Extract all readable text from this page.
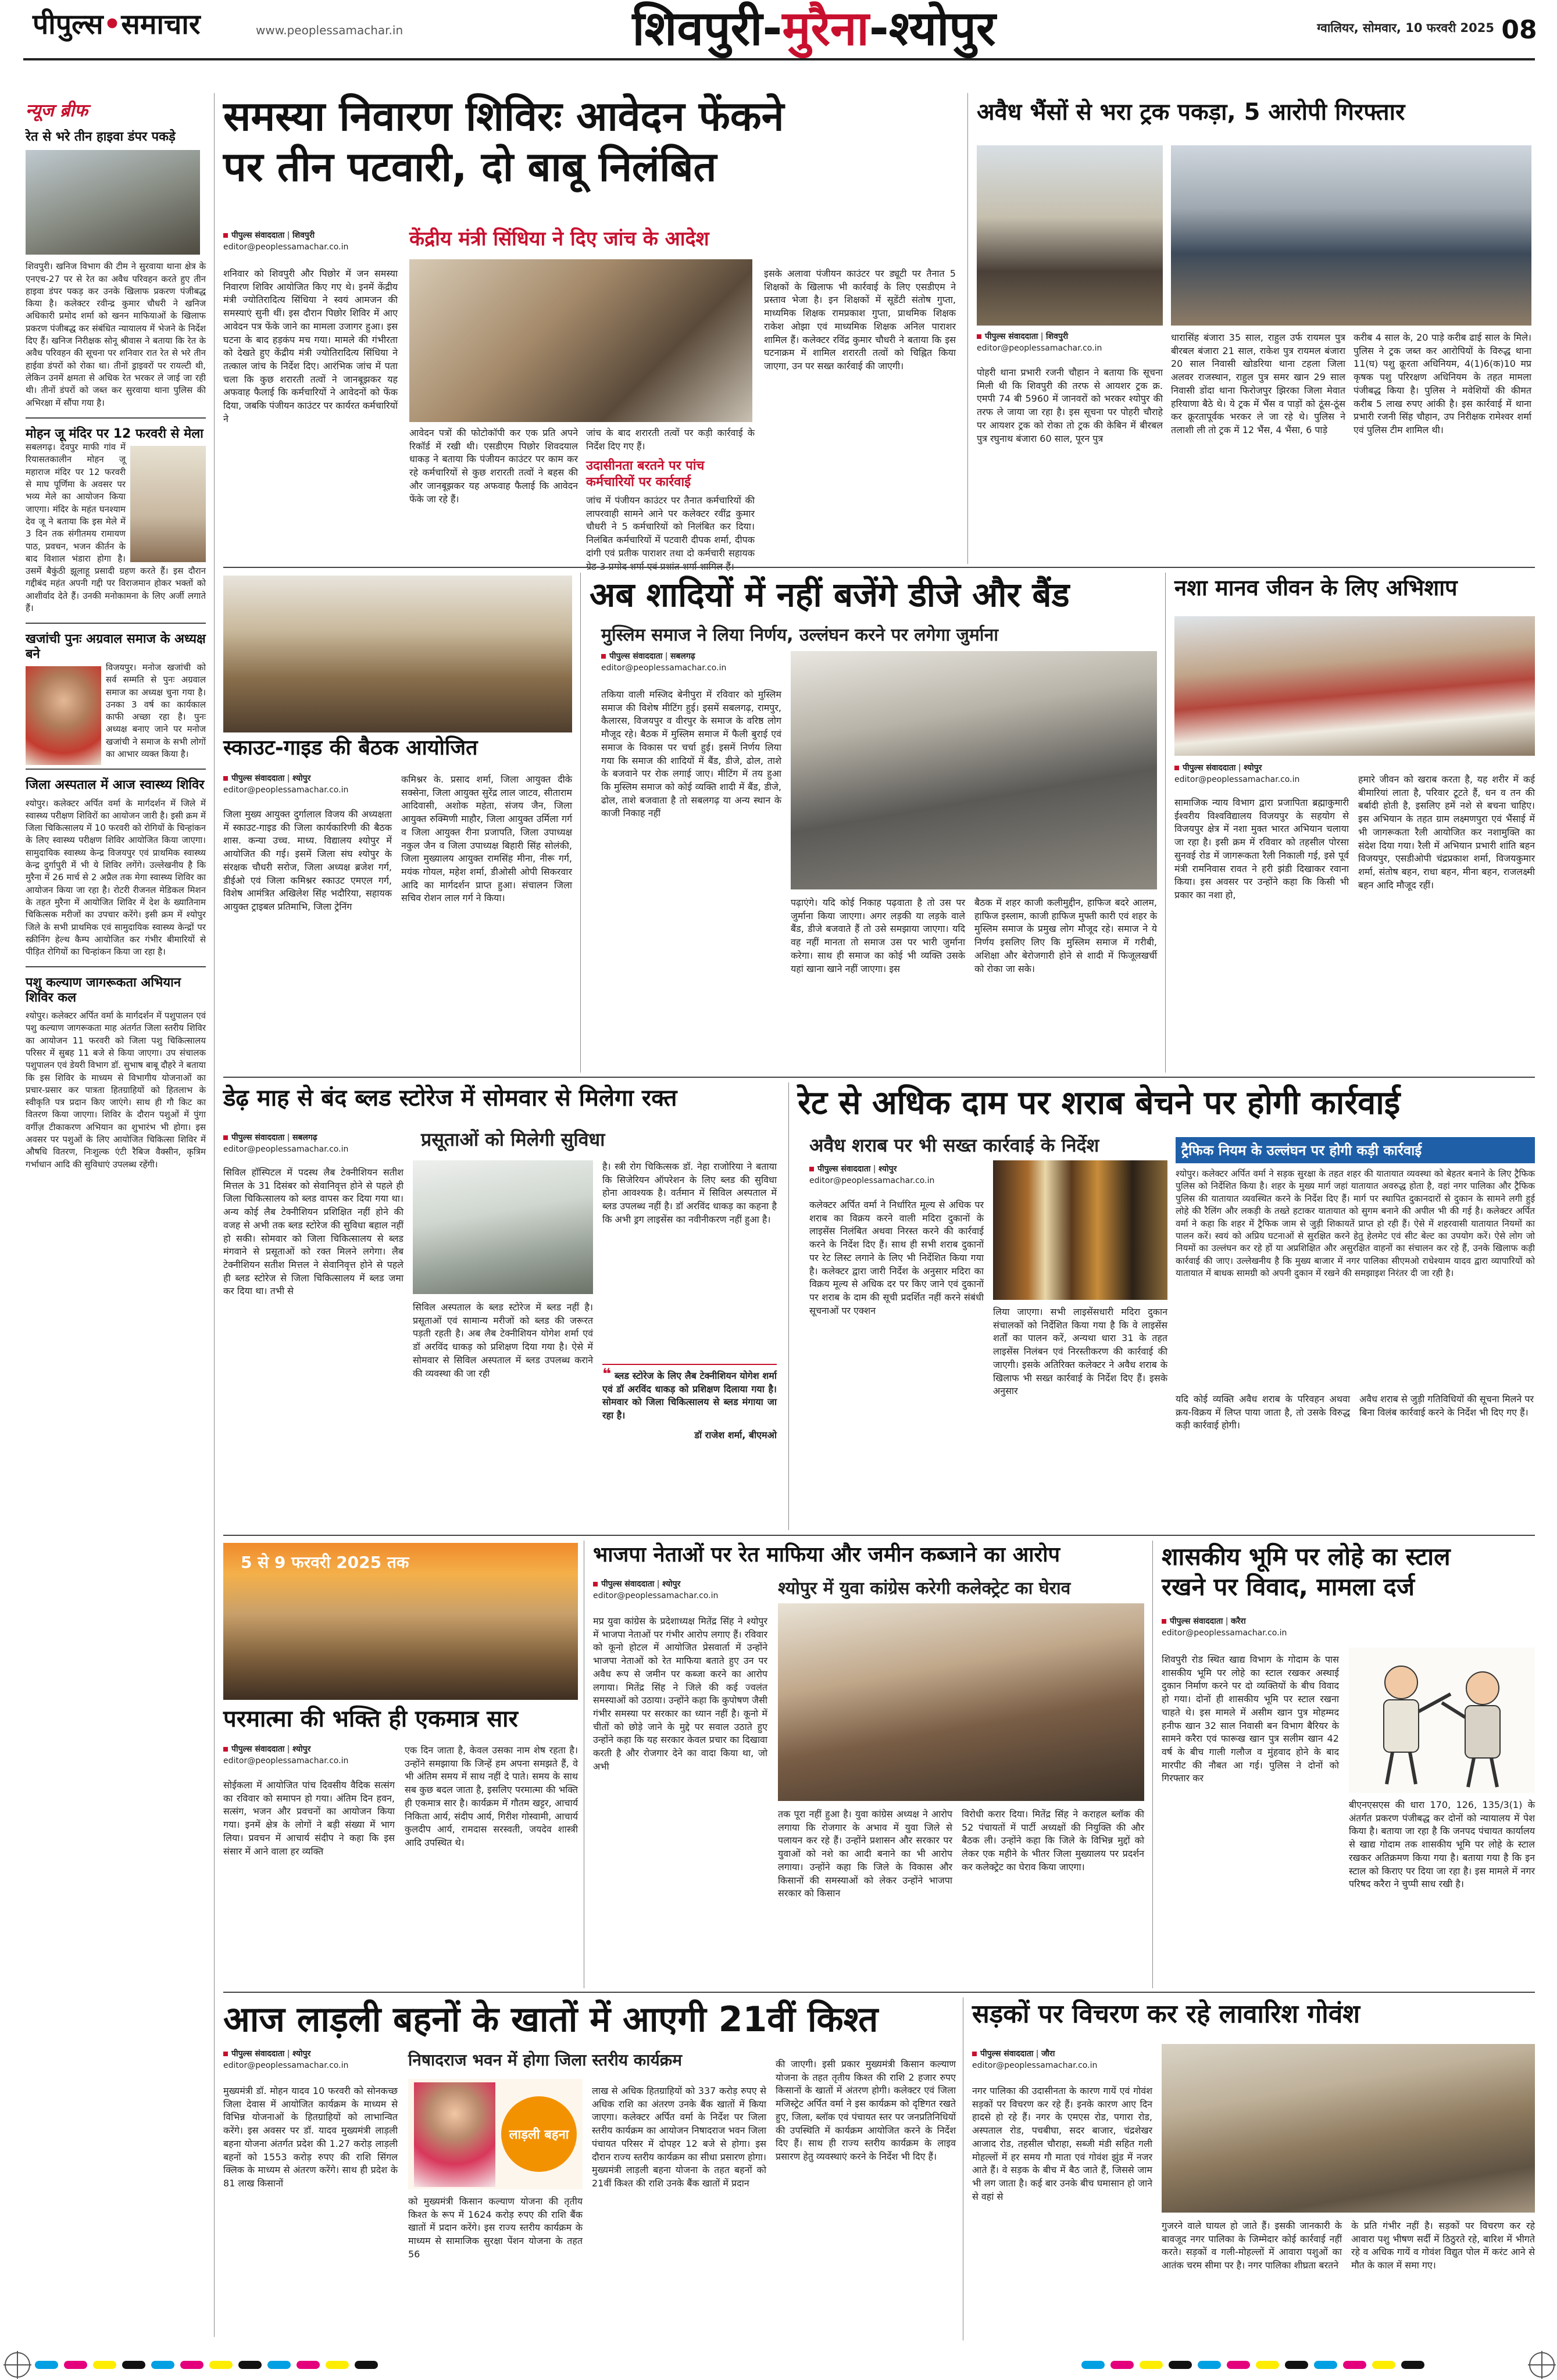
पीपुल्स•समाचार	www.peoplessamachar.in	शिवपुरी-मुरैना-श्योपुर	ग्वालियर, सोमवार, 10 फरवरी 2025 08
न्यूज ब्रीफ
रेत से भरे तीन हाइवा डंपर पकड़े
शिवपुरी। खनिज विभाग की टीम ने सुरवाया थाना क्षेत्र के एनएच-27 पर से रेत का अवैध परिवहन करते हुए तीन हाइवा डंपर पकड़ कर उनके खिलाफ प्रकरण पंजीबद्ध किया है। कलेक्टर रवीन्द्र कुमार चौधरी ने खनिज अधिकारी प्रमोद शर्मा को खनन माफियाओं के खिलाफ प्रकरण पंजीबद्ध कर संबंधित न्यायालय में भेजने के निर्देश दिए हैं। खनिज निरीक्षक सोनू श्रीवास ने बताया कि रेत के अवैध परिवहन की सूचना पर शनिवार रात रेत से भरे तीन हाईवा डंपरों को रोका था। तीनों ड्राइवरों पर रायल्टी थी, लेकिन उनमें क्षमता से अधिक रेत भरकर ले जाई जा रही थी। तीनों डंपरों को जब्त कर सुरवाया थाना पुलिस की अभिरक्षा में सौंपा गया है।
मोहन जू मंदिर पर 12 फरवरी से मेला
सबलगढ़। देवपुर माफी गांव में रियासतकालीन मोहन जू महाराज मंदिर पर 12 फरवरी से माघ पूर्णिमा के अवसर पर भव्य मेले का आयोजन किया जाएगा। मंदिर के महंत घनश्याम देव जू ने बताया कि इस मेले में 3 दिन तक संगीतमय रामायण पाठ, प्रवचन, भजन कीर्तन के बाद विशाल भंडारा होगा है। उसमें बैकुंठी झूलाहू प्रसादी ग्रहण करते हैं। इस दौरान गद्दीबंद महंत अपनी गद्दी पर विराजमान होकर भक्तों को आशीर्वाद देते हैं। उनकी मनोकामना के लिए अर्जी लगाते हैं।
खजांची पुनः अग्रवाल समाज के अध्यक्ष बने
विजयपुर। मनोज खजांची को सर्व सम्मति से पुनः अग्रवाल समाज का अध्यक्ष चुना गया है। उनका 3 वर्ष का कार्यकाल काफी अच्छा रहा है। पुनः अध्यक्ष बनाए जाने पर मनोज खजांची ने समाज के सभी लोगों का आभार व्यक्त किया है।
जिला अस्पताल में आज स्वास्थ्य शिविर
श्योपुर। कलेक्टर अर्पित वर्मा के मार्गदर्शन में जिले में स्वास्थ्य परीक्षण शिविरों का आयोजन जारी है। इसी क्रम में जिला चिकित्सालय में 10 फरवरी को रोगियों के चिन्हांकन के लिए स्वास्थ्य परीक्षण शिविर आयोजित किया जाएगा। सामुदायिक स्वास्थ्य केन्द्र विजयपुर एवं प्राथमिक स्वास्थ्य केन्द्र दुर्गापुरी में भी ये शिविर लगेंगे। उल्लेखनीय है कि मुरैना में 26 मार्च से 2 अप्रैल तक मेगा स्वास्थ्य शिविर का आयोजन किया जा रहा है। रोटरी रीजनल मेडिकल मिशन के तहत मुरैना में आयोजित शिविर में देश के ख्यातिनाम चिकित्सक मरीजों का उपचार करेंगे। इसी क्रम में श्योपुर जिले के सभी प्राथमिक एवं सामुदायिक स्वास्थ्य केन्द्रों पर स्क्रीनिंग हेल्थ कैम्प आयोजित कर गंभीर बीमारियों से पीड़ित रोगियों का चिन्हांकन किया जा रहा है।
पशु कल्याण जागरूकता अभियान शिविर कल
श्योपुर। कलेक्टर अर्पित वर्मा के मार्गदर्शन में पशुपालन एवं पशु कल्याण जागरूकता माह अंतर्गत जिला स्तरीय शिविर का आयोजन 11 फरवरी को जिला पशु चिकित्सालय परिसर में सुबह 11 बजे से किया जाएगा। उप संचालक पशुपालन एवं डेयरी विभाग डॉ. सुभाष बाबू दौहरे ने बताया कि इस शिविर के माध्यम से विभागीय योजनाओं का प्रचार-प्रसार कर पात्रता हितग्राहियों को हितलाभ के स्वीकृति पत्र प्रदान किए जाएंगे। साथ ही गौ किट का वितरण किया जाएगा। शिविर के दौरान पशुओं में पुंगा वर्गीज़ टीकाकरण अभियान का शुभारंभ भी होगा। इस अवसर पर पशुओं के लिए आयोजित चिकित्सा शिविर में औषधि वितरण, निःशुल्क एंटी रैबिज वैक्सीन, कृत्रिम गर्भाधान आदि की सुविधाएं उपलब्ध रहेंगी।
समस्या निवारण शिविरः आवेदन फेंकने
पर तीन पटवारी, दो बाबू निलंबित
केंद्रीय मंत्री सिंधिया ने दिए जांच के आदेश
पीपुल्स संवाददाता | शिवपुरी
editor@peoplessamachar.co.in
शनिवार को शिवपुरी और पिछोर में जन समस्या निवारण शिविर आयोजित किए गए थे। इनमें केंद्रीय मंत्री ज्योतिरादित्य सिंधिया ने स्वयं आमजन की समस्याएं सुनी थीं। इस दौरान पिछोर शिविर में आए आवेदन पत्र फेंके जाने का मामला उजागर हुआ। इस घटना के बाद हड़कंप मच गया। मामले की गंभीरता को देखते हुए केंद्रीय मंत्री ज्योतिरादित्य सिंधिया ने तत्काल जांच के निर्देश दिए। आरंभिक जांच में पता चला कि कुछ शरारती तत्वों ने जानबूझकर यह अफवाह फैलाई कि कर्मचारियों ने आवेदनों को फेंक दिया, जबकि पंजीयन काउंटर पर कार्यरत कर्मचारियों ने
आवेदन पत्रों की फोटोकॉपी कर एक प्रति अपने रिकॉर्ड में रखी थी। एसडीएम पिछोर शिवदयाल धाकड़ ने बताया कि पंजीयन काउंटर पर काम कर रहे कर्मचारियों से कुछ शरारती तत्वों ने बहस की और जानबूझकर यह अफवाह फैलाई कि आवेदन फेंके जा रहे हैं।
जांच के बाद शरारती तत्वों पर कड़ी कार्रवाई के निर्देश दिए गए हैं।
उदासीनता बरतने पर पांच कर्मचारियों पर कार्रवाई
जांच में पंजीयन काउंटर पर तैनात कर्मचारियों की लापरवाही सामने आने पर कलेक्टर रवींद्र कुमार चौधरी ने 5 कर्मचारियों को निलंबित कर दिया। निलंबित कर्मचारियों में पटवारी दीपक शर्मा, दीपक दांगी एवं प्रतीक पाराशर तथा दो कर्मचारी सहायक
इसके अलावा पंजीयन काउंटर पर ड्यूटी पर तैनात 5 शिक्षकों के खिलाफ भी कार्रवाई के लिए एसडीएम ने प्रस्ताव भेजा है। इन शिक्षकों में सूडेंटी संतोष गुप्ता, माध्यमिक शिक्षक रामप्रकाश गुप्ता, प्राथमिक शिक्षक राकेश ओझा एवं माध्यमिक शिक्षक अनिल पाराशर शामिल हैं। कलेक्टर रविंद्र कुमार चौधरी ने बताया कि इस घटनाक्रम में शामिल शरारती तत्वों को चिह्नित किया जाएगा, उन पर सख्त कार्रवाई की जाएगी।
अवैध भैंसों से भरा ट्रक पकड़ा, 5 आरोपी गिरफ्तार
पीपुल्स संवाददाता | शिवपुरी
editor@peoplessamachar.co.in
पोहरी थाना प्रभारी रजनी चौहान ने बताया कि सूचना मिली थी कि शिवपुरी की तरफ से आयशर ट्रक क्र. एमपी 74 बी 5960 में जानवरों को भरकर श्योपुर की तरफ ले जाया जा रहा है। इस सूचना पर पोहरी चौराहे पर आयशर ट्रक को रोका तो ट्रक की केबिन में बीरबल पुत्र रघुनाथ बंजारा 60 साल, पूरन पुत्र
धारासिंह बंजारा 35 साल, राहुल उर्फ रायमल पुत्र बीरबल बंजारा 21 साल, राकेश पुत्र रायमल बंजारा 20 साल निवासी खोडरिया थाना टहला जिला अलवर राजस्थान, राहुल पुत्र समर खान 29 साल निवासी डोंदा थाना फिरोजपुर झिरका जिला मेवात हरियाणा बैठे थे। ये ट्रक में भैंस व पाड़ों को ठूंस-ठूंस कर क्रूरतापूर्वक भरकर ले जा रहे थे। पुलिस ने तलाशी ली तो ट्रक में 12 भैंस, 4 भैंसा, 6 पाड़े
करीब 4 साल के, 20 पाड़े करीब ढाई साल के मिले। पुलिस ने ट्रक जब्त कर आरोपियों के विरुद्ध थाना 11(घ) पशु क्रूरता अधिनियम, 4(1)6(क)10 मप्र कृषक पशु परिरक्षण अधिनियम के तहत मामला पंजीबद्ध किया है। पुलिस ने मवेशियों की कीमत करीब 5 लाख रुपए आंकी है। इस कार्रवाई में थाना प्रभारी रजनी सिंह चौहान, उप निरीक्षक रामेश्वर शर्मा एवं पुलिस टीम शामिल थी।
स्काउट-गाइड की बैठक आयोजित
पीपुल्स संवाददाता | श्योपुर
editor@peoplessamachar.co.in
जिला मुख्य आयुक्त दुर्गालाल विजय की अध्यक्षता में स्काउट-गाइड की जिला कार्यकारिणी की बैठक शास. कन्या उच्च. माध्य. विद्यालय श्योपुर में आयोजित की गई। इसमें जिला संघ श्योपुर के संरक्षक चौधरी सरोज, जिला अध्यक्ष ब्रजेश गर्ग, डीईओ एवं जिला कमिश्नर स्काउट एमएल गर्ग, विशेष आमंत्रित अखिलेश सिंह भदौरिया, सहायक आयुक्त ट्राइबल प्रतिमाभि, जिला ट्रेनिंग
कमिश्नर के. प्रसाद शर्मा, जिला आयुक्त दीके सक्सेना, जिला आयुक्त सुरेंद्र लाल जाटव, सीताराम आदिवासी, अशोक महेता, संजय जैन, जिला आयुक्त रुक्मिणी माहौर, जिला आयुक्त उर्मिला गर्ग व जिला आयुक्त रीना प्रजापति, जिला उपाध्यक्ष नकुल जैन व जिला उपाध्यक्ष बिहारी सिंह सोलंकी, जिला मुख्यालय आयुक्त रामसिंह मीना, नीरू गर्ग, मयंक गोयल, महेश शर्मा, डीओसी ओपी सिकरवार आदि का मार्गदर्शन प्राप्त हुआ। संचालन जिला सचिव रोशन लाल गर्ग ने किया।
अब शादियों में नहीं बजेंगे डीजे और बैंड
मुस्लिम समाज ने लिया निर्णय, उल्लंघन करने पर लगेगा जुर्माना
पीपुल्स संवाददाता | सबलगढ़
editor@peoplessamachar.co.in
तकिया वाली मस्जिद बेनीपुरा में रविवार को मुस्लिम समाज की विशेष मीटिंग हुई। इसमें सबलगढ़, रामपुर, कैलारस, विजयपुर व वीरपुर के समाज के वरिष्ठ लोग मौजूद रहे। बैठक में मुस्लिम समाज में फैली बुराई एवं समाज के विकास पर चर्चा हुई। इसमें निर्णय लिया गया कि समाज की शादियों में बैंड, डीजे, ढोल, ताशे के बजवाने पर रोक लगाई जाए। मीटिंग में तय हुआ कि मुस्लिम समाज को कोई व्यक्ति शादी में बैंड, डीजे, ढोल, ताशे बजवाता है तो सबलगढ़ या अन्य स्थान के काजी निकाह नहीं
पढ़ाएंगे। यदि कोई निकाह पढ़वाता है तो उस पर जुर्माना किया जाएगा। अगर लड़की या लड़के वाले बैंड, डीजे बजवाते हैं तो उसे समझाया जाएगा। यदि वह नहीं मानता तो समाज उस पर भारी जुर्माना करेगा। साथ ही समाज का कोई भी व्यक्ति उसके यहां खाना खाने नहीं जाएगा। इस
बैठक में शहर काजी कलीमुद्दीन, हाफिज बदरे आलम, हाफिज इस्लाम, काजी हाफिज मुफ्ती कारी एवं शहर के मुस्लिम समाज के प्रमुख लोग मौजूद रहे। समाज ने ये निर्णय इसलिए लिए कि मुस्लिम समाज में गरीबी, अशिक्षा और बेरोजगारी होने से शादी में फिजूलखर्ची को रोका जा सके।
नशा मानव जीवन के लिए अभिशाप
पीपुल्स संवाददाता | श्योपुर
editor@peoplessamachar.co.in
सामाजिक न्याय विभाग द्वारा प्रजापिता ब्रह्माकुमारी ईश्वरीय विश्वविद्यालय विजयपुर के सहयोग से विजयपुर क्षेत्र में नशा मुक्त भारत अभियान चलाया जा रहा है। इसी क्रम में रविवार को तहसील पोरसा सुनवई रोड में जागरूकता रैली निकाली गई, इसे पूर्व मंत्री रामनिवास रावत ने हरी झंडी दिखाकर रवाना किया। इस अवसर पर उन्होंने कहा कि किसी भी प्रकार का नशा हो,
हमारे जीवन को खराब करता है, यह शरीर में कई बीमारियां लाता है, परिवार टूटते हैं, धन व तन की बर्बादी होती है, इसलिए हमें नशे से बचना चाहिए। इस अभियान के तहत ग्राम लक्ष्मणपुरा एवं भैंसाई में भी जागरूकता रैली आयोजित कर नशामुक्ति का संदेश दिया गया। रैली में अभियान प्रभारी शांति बहन विजयपुर, एसडीओपी चंद्रप्रकाश शर्मा, विजयकुमार शर्मा, संतोष बहन, राधा बहन, मीना बहन, राजलक्ष्मी बहन आदि मौजूद रहीं।
डेढ़ माह से बंद ब्लड स्टोरेज में सोमवार से मिलेगा रक्त
प्रसूताओं को मिलेगी सुविधा
पीपुल्स संवाददाता | सबलगढ़
editor@peoplessamachar.co.in
सिविल हॉस्पिटल में पदस्थ लैब टेक्नीशियन सतीश मित्तल के 31 दिसंबर को सेवानिवृत्त होने से पहले ही जिला चिकित्सालय को ब्लड वापस कर दिया गया था। अन्य कोई लैब टेक्नीशियन प्रशिक्षित नहीं होने की वजह से अभी तक ब्लड स्टोरेज की सुविधा बहाल नहीं हो सकी। सोमवार को जिला चिकित्सालय से ब्लड मंगवाने से प्रसूताओं को रक्त मिलने लगेगा। लैब टेक्नीशियन सतीश मित्तल ने सेवानिवृत्त होने से पहले ही ब्लड स्टोरेज से जिला चिकित्सालय में ब्लड जमा कर दिया था। तभी से
सिविल अस्पताल के ब्लड स्टोरेज में ब्लड नहीं है। प्रसूताओं एवं सामान्य मरीजों को ब्लड की जरूरत पड़ती रहती है। अब लैब टेक्नीशियन योगेश शर्मा एवं डॉ अरविंद धाकड़ को प्रशिक्षण दिया गया है। ऐसे में सोमवार से सिविल अस्पताल में ब्लड उपलब्ध कराने की व्यवस्था की जा रही
है। स्त्री रोग चिकित्सक डॉ. नेहा राजोरिया ने बताया कि सिजेरियन ऑपरेशन के लिए ब्लड की सुविधा होना आवश्यक है। वर्तमान में सिविल अस्पताल में ब्लड उपलब्ध नहीं है। डॉ अरविंद धाकड़ का कहना है कि अभी ड्रग लाइसेंस का नवीनीकरण नहीं हुआ है।
❝ ब्लड स्टोरेज के लिए लैब टेक्नीशियन योगेश शर्मा एवं डॉ अरविंद धाकड़ को प्रशिक्षण दिलाया गया है। सोमवार को जिला चिकित्सालय से ब्लड मंगाया जा रहा है।
डॉ राजेश शर्मा, बीएमओ
रेट से अधिक दाम पर शराब बेचने पर होगी कार्रवाई
अवैध शराब पर भी सख्त कार्रवाई के निर्देश
पीपुल्स संवाददाता | श्योपुर
editor@peoplessamachar.co.in
कलेक्टर अर्पित वर्मा ने निर्धारित मूल्य से अधिक पर शराब का विक्रय करने वाली मदिरा दुकानों के लाइसेंस निलंबित अथवा निरस्त करने की कार्रवाई करने के निर्देश दिए हैं। साथ ही सभी शराब दुकानों पर रेट लिस्ट लगाने के लिए भी निर्देशित किया गया है। कलेक्टर द्वारा जारी निर्देश के अनुसार मदिरा का विक्रय मूल्य से अधिक दर पर किए जाने एवं दुकानों पर शराब के दाम की सूची प्रदर्शित नहीं करने संबंधी सूचनाओं पर एक्शन	लिया जाएगा। सभी लाइसेंसधारी मदिरा दुकान संचालकों को निर्देशित किया गया है कि वे लाइसेंस शर्तों का पालन करें, अन्यथा धारा 31 के तहत लाइसेंस निलंबन एवं निरस्तीकरण की कार्रवाई की जाएगी। इसके अतिरिक्त कलेक्टर ने अवैध शराब के खिलाफ भी सख्त कार्रवाई के निर्देश दिए हैं। इसके अनुसार
ट्रैफिक नियम के उल्लंघन पर होगी कड़ी कार्रवाई
श्योपुर। कलेक्टर अर्पित वर्मा ने सड़क सुरक्षा के तहत शहर की यातायात व्यवस्था को बेहतर बनाने के लिए ट्रैफिक पुलिस को निर्देशित किया है। शहर के मुख्य मार्ग जहां यातायात अवरुद्ध होता है, वहां नगर पालिका और ट्रैफिक पुलिस की यातायात व्यवस्थित करने के निर्देश दिए हैं। मार्ग पर स्थापित दुकानदारों से दुकान के सामने लगी हुई लोहे की रैलिंग और लकड़ी के तख्ते हटाकर यातायात को सुगम बनाने की अपील भी की गई है। कलेक्टर अर्पित वर्मा ने कहा कि शहर में ट्रैफिक जाम से जुड़ी शिकायतें प्राप्त हो रही हैं। ऐसे में शहरवासी यातायात नियमों का पालन करें। स्वयं को अप्रिय घटनाओं से सुरक्षित करने हेतु हेलमेट एवं सीट बेल्ट का उपयोग करें। ऐसे लोग जो नियमों का उल्लंघन कर रहे हों या अप्रशिक्षित और असुरक्षित वाहनों का संचालन कर रहे हैं, उनके खिलाफ कड़ी कार्रवाई की जाए। उल्लेखनीय है कि मुख्य बाजार में नगर पालिका सीएमओ राधेश्याम यादव द्वारा व्यापारियों को यातायात में बाधक सामग्री को अपनी दुकान में रखने की समझाइश निरंतर दी जा रही है।
यदि कोई व्यक्ति अवैध शराब के परिवहन अथवा क्रय-विक्रय में लिप्त पाया जाता है, तो उसके विरुद्ध कड़ी कार्रवाई होगी।
अवैध शराब से जुड़ी गतिविधियों की सूचना मिलने पर बिना विलंब कार्रवाई करने के निर्देश भी दिए गए हैं।
5 से 9 फरवरी 2025 तक
परमात्मा की भक्ति ही एकमात्र सार
पीपुल्स संवाददाता | श्योपुर
editor@peoplessamachar.co.in
सोईकला में आयोजित पांच दिवसीय वैदिक सत्संग का रविवार को समापन हो गया। अंतिम दिन हवन, सत्संग, भजन और प्रवचनों का आयोजन किया गया। इनमें क्षेत्र के लोगों ने बड़ी संख्या में भाग लिया। प्रवचन में आचार्य संदीप ने कहा कि इस संसार में आने वाला हर व्यक्ति
एक दिन जाता है, केवल उसका नाम शेष रहता है। उन्होंने समझाया कि जिन्हें हम अपना समझते हैं, वे भी अंतिम समय में साथ नहीं दे पाते। समय के साथ सब कुछ बदल जाता है, इसलिए परमात्मा की भक्ति ही एकमात्र सार है। कार्यक्रम में गौतम खट्टर, आचार्य निकिता आर्य, संदीप आर्य, गिरीश गोस्वामी, आचार्य कुलदीप आर्य, रामदास सरस्वती, जयदेव शास्त्री आदि उपस्थित थे।
भाजपा नेताओं पर रेत माफिया और जमीन कब्जाने का आरोप
पीपुल्स संवाददाता | श्योपुर
editor@peoplessamachar.co.in	श्योपुर में युवा कांग्रेस करेगी कलेक्ट्रेट का घेराव
मप्र युवा कांग्रेस के प्रदेशाध्यक्ष मितेंद्र सिंह ने श्योपुर में भाजपा नेताओं पर गंभीर आरोप लगाए हैं। रविवार को कूनो होटल में आयोजित प्रेसवार्ता में उन्होंने भाजपा नेताओं को रेत माफिया बताते हुए उन पर अवैध रूप से जमीन पर कब्जा करने का आरोप लगाया। मितेंद्र सिंह ने जिले की कई ज्वलंत समस्याओं को उठाया। उन्होंने कहा कि कुपोषण जैसी गंभीर समस्या पर सरकार का ध्यान नहीं है। कूनो में चीतों को छोड़े जाने के मुद्दे पर सवाल उठाते हुए उन्होंने कहा कि यह सरकार केवल प्रचार का दिखावा करती है और रोजगार देने का वादा किया था, जो अभी
तक पूरा नहीं हुआ है। युवा कांग्रेस अध्यक्ष ने आरोप लगाया कि रोजगार के अभाव में युवा जिले से पलायन कर रहे हैं। उन्होंने प्रशासन और सरकार पर युवाओं को नशे का आदी बनाने का भी आरोप लगाया। उन्होंने कहा कि जिले के विकास और किसानों की समस्याओं को लेकर उन्होंने भाजपा सरकार को किसान
विरोधी करार दिया। मितेंद्र सिंह ने कराहल ब्लॉक की 52 पंचायतों में पार्टी अध्यक्षों की नियुक्ति की और बैठक ली। उन्होंने कहा कि जिले के विभिन्न मुद्दों को लेकर एक महीने के भीतर जिला मुख्यालय पर प्रदर्शन कर कलेक्ट्रेट का घेराव किया जाएगा।
शासकीय भूमि पर लोहे का स्टाल
रखने पर विवाद, मामला दर्ज
पीपुल्स संवाददाता | करैरा
editor@peoplessamachar.co.in
शिवपुरी रोड स्थित खाद्य विभाग के गोदाम के पास शासकीय भूमि पर लोहे का स्टाल रखकर अस्थाई दुकान निर्माण करने पर दो व्यक्तियों के बीच विवाद हो गया। दोनों ही शासकीय भूमि पर स्टाल रखना चाहते थे। इस मामले में असीम खान पुत्र मोहम्मद हनीफ खान 32 साल निवासी बन विभाग बैरियर के सामने करैरा एवं फारूख खान पुत्र सलीम खान 42 वर्ष के बीच गाली गलौज व मुंहवाद होने के बाद मारपीट की नौबत आ गई। पुलिस ने दोनों को गिरफ्तार कर
बीएनएसएस की धारा 170, 126, 135/3(1) के अंतर्गत प्रकरण पंजीबद्ध कर दोनों को न्यायालय में पेश किया है। बताया जा रहा है कि जनपद पंचायत कार्यालय से खाद्य गोदाम तक शासकीय भूमि पर लोहे के स्टाल रखकर अतिक्रमण किया गया है। बताया गया है कि इन स्टाल को किराए पर दिया जा रहा है। इस मामले में नगर परिषद करैरा ने चुप्पी साध रखी है।
आज लाड़ली बहनों के खातों में आएगी 21वीं किश्त
पीपुल्स संवाददाता | श्योपुर
editor@peoplessamachar.co.in	निषादराज भवन में होगा जिला स्तरीय कार्यक्रम
मुख्यमंत्री डॉ. मोहन यादव 10 फरवरी को सोनकच्छ जिला देवास में आयोजित कार्यक्रम के माध्यम से विभिन्न योजनाओं के हितग्राहियों को लाभान्वित करेंगे। इस अवसर पर डॉ. यादव मुख्यमंत्री लाड़ली बहना योजना अंतर्गत प्रदेश की 1.27 करोड़ लाड़ली बहनों को 1553 करोड़ रुपए की राशि सिंगल क्लिक के माध्यम से अंतरण करेंगे। साथ ही प्रदेश के 81 लाख किसानों
लाड़ली बहना
को मुख्यमंत्री किसान कल्याण योजना की तृतीय किश्त के रूप में 1624 करोड़ रुपए की राशि बैंक खातों में प्रदान करेंगे। इस राज्य स्तरीय कार्यक्रम के माध्यम से सामाजिक सुरक्षा पेंशन योजना के तहत 56
लाख से अधिक हितग्राहियों को 337 करोड़ रुपए से अधिक राशि का अंतरण उनके बैंक खातों में किया जाएगा। कलेक्टर अर्पित वर्मा के निर्देश पर जिला स्तरीय कार्यक्रम का आयोजन निषादराज भवन जिला पंचायत परिसर में दोपहर 12 बजे से होगा। इस दौरान राज्य स्तरीय कार्यक्रम का सीधा प्रसारण होगा। मुख्यमंत्री लाड़ली बहना योजना के तहत बहनों को 21वीं किश्त की राशि उनके बैंक खातों में प्रदान
की जाएगी। इसी प्रकार मुख्यमंत्री किसान कल्याण योजना के तहत तृतीय किश्त की राशि 2 हजार रुपए किसानों के खातों में अंतरण होगी। कलेक्टर एवं जिला मजिस्ट्रेट अर्पित वर्मा ने इस कार्यक्रम को दृष्टिगत रखते हुए, जिला, ब्लॉक एवं पंचायत स्तर पर जनप्रतिनिधियों की उपस्थिति में कार्यक्रम आयोजित करने के निर्देश दिए हैं। साथ ही राज्य स्तरीय कार्यक्रम के लाइव प्रसारण हेतु व्यवस्थाएं करने के निर्देश भी दिए हैं।
सड़कों पर विचरण कर रहे लावारिश गोवंश
पीपुल्स संवाददाता | जौरा
editor@peoplessamachar.co.in
नगर पालिका की उदासीनता के कारण गायें एवं गोवंश सड़कों पर विचरण कर रहे हैं। इनके कारण आए दिन हादसे हो रहे हैं। नगर के एमएस रोड, पगारा रोड, अस्पताल रोड, पचबीघा, सदर बाजार, चंद्रशेखर आजाद रोड, तहसील चौराहा, सब्जी मंडी सहित गली मोहल्लों में हर समय गौ माता एवं गोवंश झुंड में नजर आते हैं। वे सड़क के बीच में बैठ जाते हैं, जिससे जाम भी लग जाता है। कई बार उनके बीच घमासान हो जाने से वहां से
गुजरने वाले घायल हो जाते हैं। इसकी जानकारी के बावजूद नगर पालिका के जिम्मेदार कोई कार्रवाई नहीं करते। सड़कों व गली-मोहल्लों में आवारा पशुओं का आतंक चरम सीमा पर है। नगर पालिका शीघ्रता बरतने
के प्रति गंभीर नहीं है। सड़कों पर विचरण कर रहे आवारा पशु भीषण सर्दी में ठिठुरते रहे, बारिश में भीगते रहे व अधिक गायें व गोवंश विद्युत पोल में करंट आने से मौत के काल में समा गए।
